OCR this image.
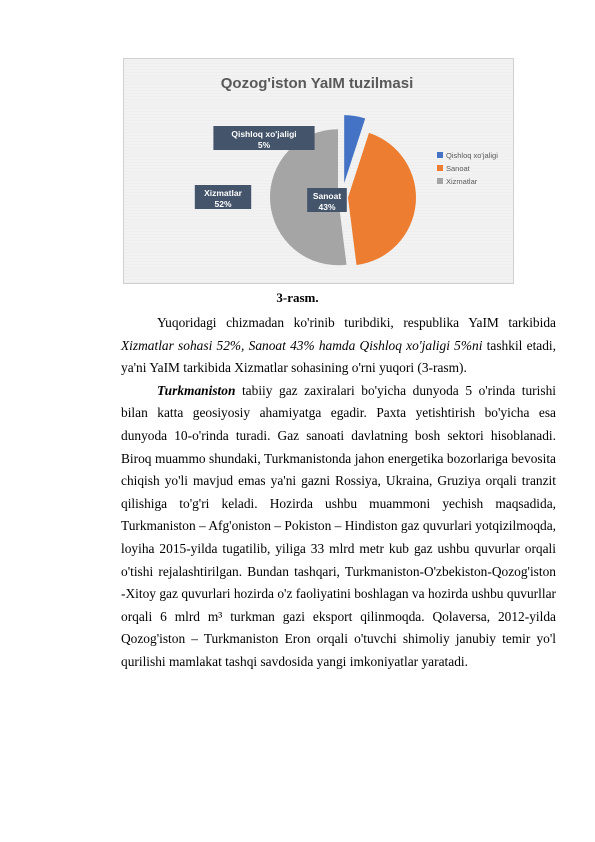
Qozog'iston YaIM tuzilmasi
Qishloq xo'jaligi
5%
Sanoat
43%
Xizmatlar
52%
Qishloq xo'jaligi
Sanoat
Xizmatlar
3-rasm.

Yuqoridagi chizmadan ko'rinib turibdiki, respublika YaIM tarkibida Xizmatlar sohasi 52%, Sanoat 43% hamda Qishloq xo'jaligi 5%ni tashkil etadi, ya'ni YaIM tarkibida Xizmatlar sohasining o'rni yuqori (3-rasm).

Turkmaniston tabiiy gaz zaxiralari bo'yicha dunyoda 5 o'rinda turishi bilan katta geosiyosiy ahamiyatga egadir. Paxta yetishtirish bo'yicha esa dunyoda 10-o'rinda turadi. Gaz sanoati davlatning bosh sektori hisoblanadi. Biroq muammo shundaki, Turkmanistonda jahon energetika bozorlariga bevosita chiqish yo'li mavjud emas ya'ni gazni Rossiya, Ukraina, Gruziya orqali tranzit qilishiga to'g'ri keladi. Hozirda ushbu muammoni yechish maqsadida, Turkmaniston – Afg'oniston – Pokiston – Hindiston gaz quvurlari yotqizilmoqda, loyiha 2015-yilda tugatilib, yiliga 33 mlrd metr kub gaz ushbu quvurlar orqali o'tishi rejalashtirilgan. Bundan tashqari, Turkmaniston-O'zbekiston-Qozog'iston -Xitoy gaz quvurlari hozirda o'z faoliyatini boshlagan va hozirda ushbu quvurllar orqali 6 mlrd m³ turkman gazi eksport qilinmoqda. Qolaversa, 2012-yilda Qozog'iston – Turkmaniston Eron orqali o'tuvchi shimoliy janubiy temir yo'l qurilishi mamlakat tashqi savdosida yangi imkoniyatlar yaratadi.
